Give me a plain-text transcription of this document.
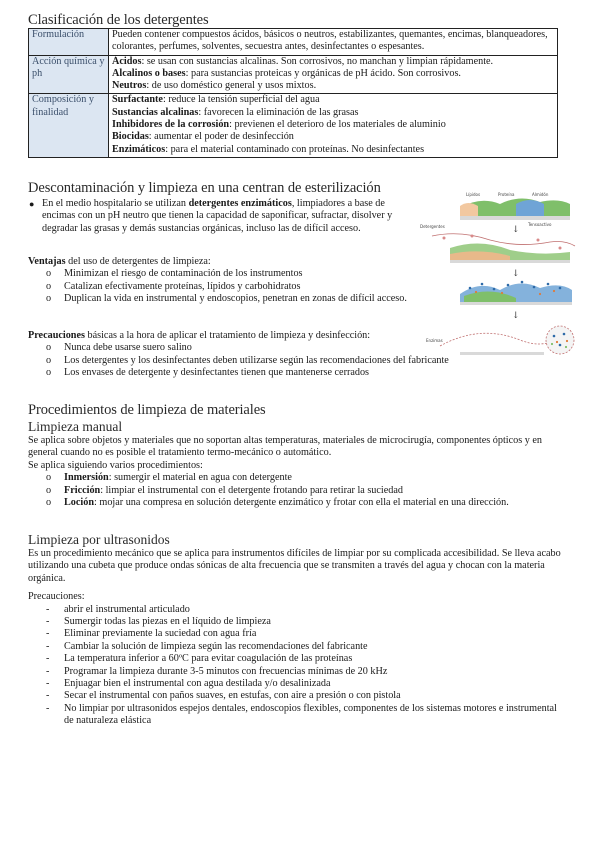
Clasificación de los detergentes
Formulación	Pueden contener compuestos ácidos, básicos o neutros, estabilizantes, quemantes, encimas, blanqueadores, colorantes, perfumes, solventes, secuestra antes, desinfectantes o espesantes.
Acción química y ph	Ácidos: se usan con sustancias alcalinas. Son corrosivos, no manchan y limpian rápidamente.
Alcalinos o bases: para sustancias proteicas y orgánicas de pH ácido. Son corrosivos.
Neutros: de uso doméstico general y usos mixtos.

Composición y finalidad	Surfactante: reduce la tensión superficial del agua
Sustancias alcalinas: favorecen la eliminación de las grasas
Inhibidores de la corrosión: previenen el deterioro de los materiales de aluminio
Biocidas: aumentar el poder de desinfección
Enzimáticos: para el material contaminado con proteínas. No desinfectantes
Descontaminación y limpieza en una centran de esterilización
● En el medio hospitalario se utilizan detergentes enzimáticos, limpiadores a base de encimas con un pH neutro que tienen la capacidad de saponificar, sufractar, disolver y degradar las grasas y demás sustancias orgánicas, incluso las de difícil acceso.
Ventajas del uso de detergentes de limpieza:
o Minimizan el riesgo de contaminación de los instrumentos
o Catalizan efectivamente proteínas, lípidos y carbohidratos
o Duplican la vida en instrumental y endoscopios, penetran en zonas de difícil acceso.
Precauciones básicas a la hora de aplicar el tratamiento de limpieza y desinfección:
o Nunca debe usarse suero salino
o Los detergentes y los desinfectantes deben utilizarse según las recomendaciones del fabricante
o Los envases de detergente y desinfectantes tienen que mantenerse cerrados
Lípidos	Proteína	Almidón
↓
Detergentes	Tensoactivo
↓
↓
Enzimas
Procedimientos de limpieza de materiales
Limpieza manual
Se aplica sobre objetos y materiales que no soportan altas temperaturas, materiales de microcirugía, componentes ópticos y en general cuando no es posible el tratamiento termo-mecánico o automático.
Se aplica siguiendo varios procedimientos:
o Inmersión: sumergir el material en agua con detergente
o Fricción: limpiar el instrumental con el detergente frotando para retirar la suciedad
o Loción: mojar una compresa en solución detergente enzimático y frotar con ella el material en una dirección.
Limpieza por ultrasonidos
Es un procedimiento mecánico que se aplica para instrumentos difíciles de limpiar por su complicada accesibilidad. Se lleva acabo utilizando una cubeta que produce ondas sónicas de alta frecuencia que se transmiten a través del agua y chocan con la materia orgánica.
Precauciones:
- abrir el instrumental articulado
- Sumergir todas las piezas en el líquido de limpieza
- Eliminar previamente la suciedad con agua fría
- Cambiar la solución de limpieza según las recomendaciones del fabricante
- La temperatura inferior a 60ºC para evitar coagulación de las proteínas
- Programar la limpieza durante 3-5 minutos con frecuencias mínimas de 20 kHz
- Enjuagar bien el instrumental con agua destilada y/o desalinizada
- Secar el instrumental con paños suaves, en estufas, con aire a presión o con pistola
- No limpiar por ultrasonidos espejos dentales, endoscopios flexibles, componentes de los sistemas motores e instrumental de naturaleza elástica
